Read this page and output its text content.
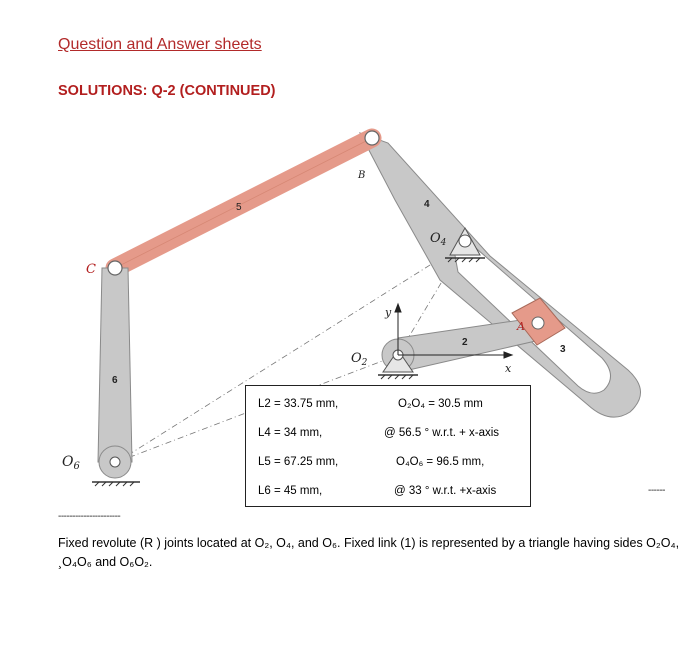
Question and Answer sheets
SOLUTIONS: Q-2 (CONTINUED)
C
B
A
$O_4$
$O_2$
$O_6$
y
x
2
3
4
5
6
L2 = 33.75 mm,
L4 = 34 mm,
L5 = 67.25 mm,
L6 = 45 mm,
O₂O₄ = 30.5 mm
@ 56.5 ° w.r.t. + x-axis
O₄O₆ = 96.5 mm,
@ 33 ° w.r.t. +x-axis	------
----------------------
Fixed revolute (R ) joints located at O₂, O₄, and O₆. Fixed link (1) is represented by a triangle having sides O₂O₄, ¸O₄O₆ and O₆O₂.
